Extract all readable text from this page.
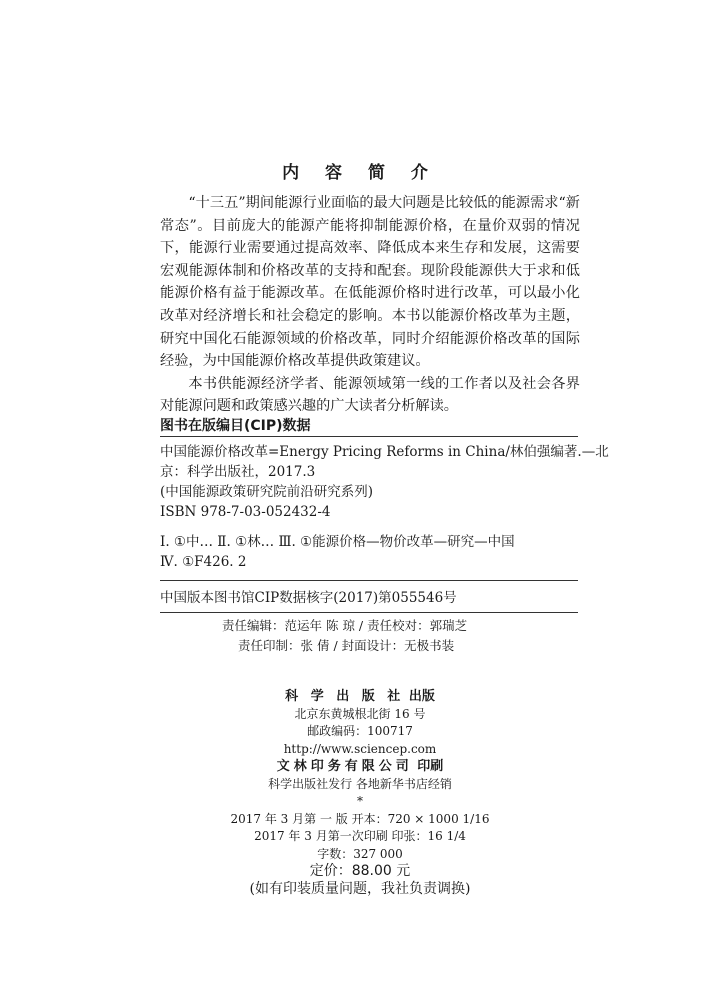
内 容 简 介

“十三五”期间能源行业面临的最大问题是比较低的能源需求“新常态”。目前庞大的能源产能将抑制能源价格，在量价双弱的情况下，能源行业需要通过提高效率、降低成本来生存和发展，这需要宏观能源体制和价格改革的支持和配套。现阶段能源供大于求和低能源价格有益于能源改革。在低能源价格时进行改革，可以最小化改革对经济增长和社会稳定的影响。本书以能源价格改革为主题，研究中国化石能源领域的价格改革，同时介绍能源价格改革的国际经验，为中国能源价格改革提供政策建议。

本书供能源经济学者、能源领域第一线的工作者以及社会各界对能源问题和政策感兴趣的广大读者分析解读。

图书在版编目(CIP)数据
中国能源价格改革=Energy Pricing Reforms in China/林伯强编著.—北
京：科学出版社，2017.3
(中国能源政策研究院前沿研究系列)
ISBN 978-7-03-052432-4
Ⅰ. ①中… Ⅱ. ①林… Ⅲ. ①能源价格—物价改革—研究—中国
Ⅳ. ①F426. 2
中国版本图书馆CIP数据核字(2017)第055546号
责任编辑：范运年 陈 琼 / 责任校对：郭瑞芝
责任印制：张 倩 / 封面设计：无极书装
科 学 出 版 社 出版
北京东黄城根北街 16 号
邮政编码：100717
http://www.sciencep.com
文林印务有限公司 印刷
科学出版社发行 各地新华书店经销
*
2017 年 3 月第 一 版 开本：720 × 1000 1/16
2017 年 3 月第一次印刷 印张：16 1/4
字数：327 000
定价：88.00 元
(如有印装质量问题，我社负责调换)
